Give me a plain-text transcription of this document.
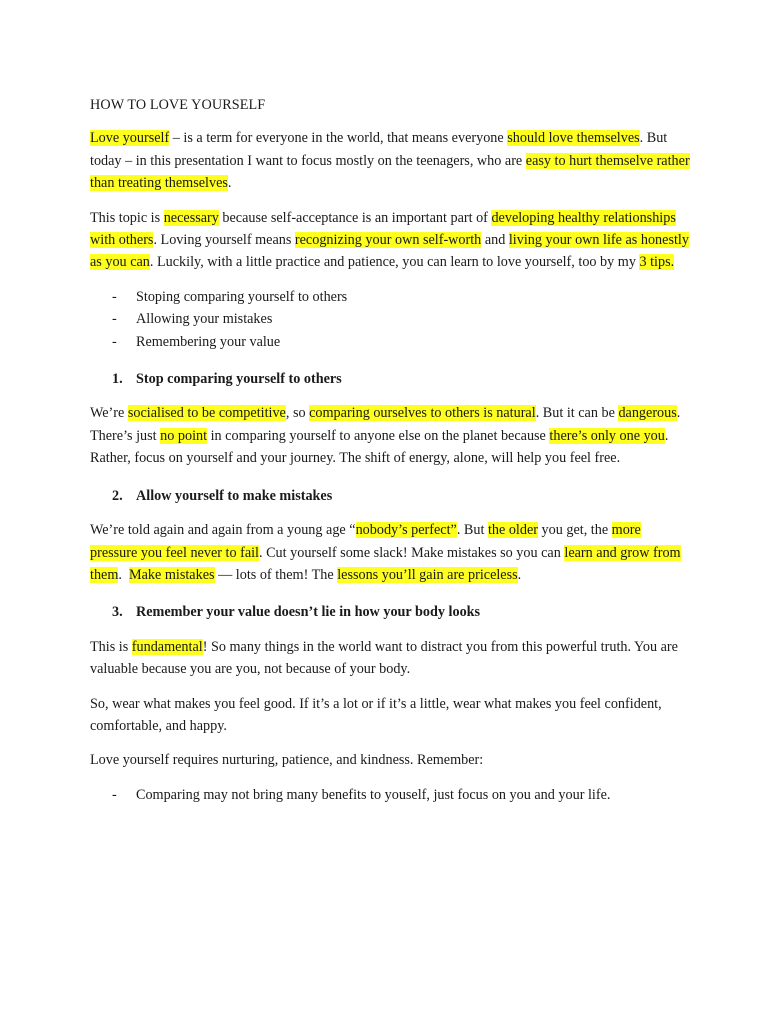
HOW TO LOVE YOURSELF

Love yourself – is a term for everyone in the world, that means everyone should love themselves. But today – in this presentation I want to focus mostly on the teenagers, who are easy to hurt themselve rather than treating themselves.

This topic is necessary because self-acceptance is an important part of developing healthy relationships with others. Loving yourself means recognizing your own self-worth and living your own life as honestly as you can. Luckily, with a little practice and patience, you can learn to love yourself, too by my 3 tips.

- Stoping comparing yourself to others
- Allowing your mistakes
- Remembering your value
1. Stop comparing yourself to others

We’re socialised to be competitive, so comparing ourselves to others is natural. But it can be dangerous. There’s just no point in comparing yourself to anyone else on the planet because there’s only one you. Rather, focus on yourself and your journey. The shift of energy, alone, will help you feel free.

2. Allow yourself to make mistakes

We’re told again and again from a young age “nobody’s perfect”. But the older you get, the more pressure you feel never to fail. Cut yourself some slack! Make mistakes so you can learn and grow from them.  Make mistakes — lots of them! The lessons you’ll gain are priceless.

3. Remember your value doesn’t lie in how your body looks

This is fundamental! So many things in the world want to distract you from this powerful truth. You are valuable because you are you, not because of your body.

So, wear what makes you feel good. If it’s a lot or if it’s a little, wear what makes you feel confident, comfortable, and happy.

Love yourself requires nurturing, patience, and kindness. Remember:

- Comparing may not bring many benefits to youself, just focus on you and your life.
